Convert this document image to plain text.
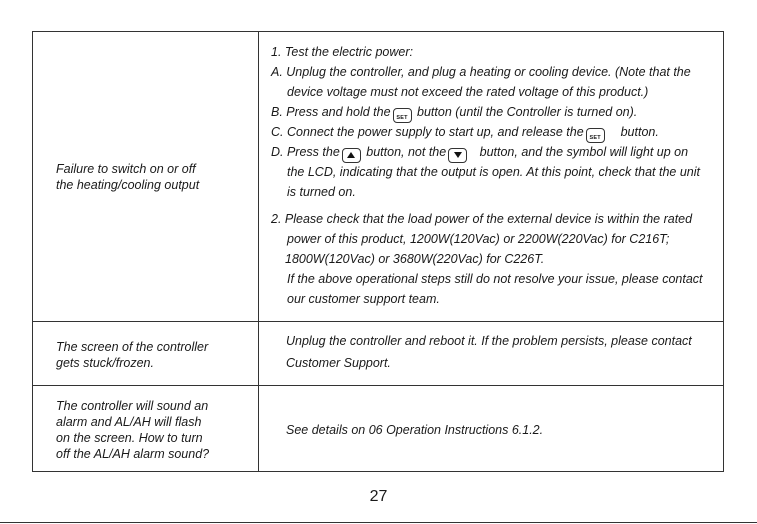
Failure to switch on or off
the heating/cooling output
1. Test the electric power:
A. Unplug the controller, and plug a heating or cooling device. (Note that the
device voltage must not exceed the rated voltage of this product.)
B. Press and hold the SET button (until the Controller is turned on).
C. Connect the power supply to start up, and release the SET button.
D. Press the button, not the	button, and the symbol will light up on
the LCD, indicating that the output is open. At this point, check that the unit
is turned on.
2. Please check that the load power of the external device is within the rated
power of this product, 1200W(120Vac) or 2200W(220Vac) for C216T;
1800W(120Vac) or 3680W(220Vac) for C226T.
If the above operational steps still do not resolve your issue, please contact
our customer support team.
The screen of the controller
gets stuck/frozen.
Unplug the controller and reboot it. If the problem persists, please contact
Customer Support.
The controller will sound an
alarm and AL/AH will flash
on the screen. How to turn
off the AL/AH alarm sound?
See details on 06 Operation Instructions 6.1.2.
27
